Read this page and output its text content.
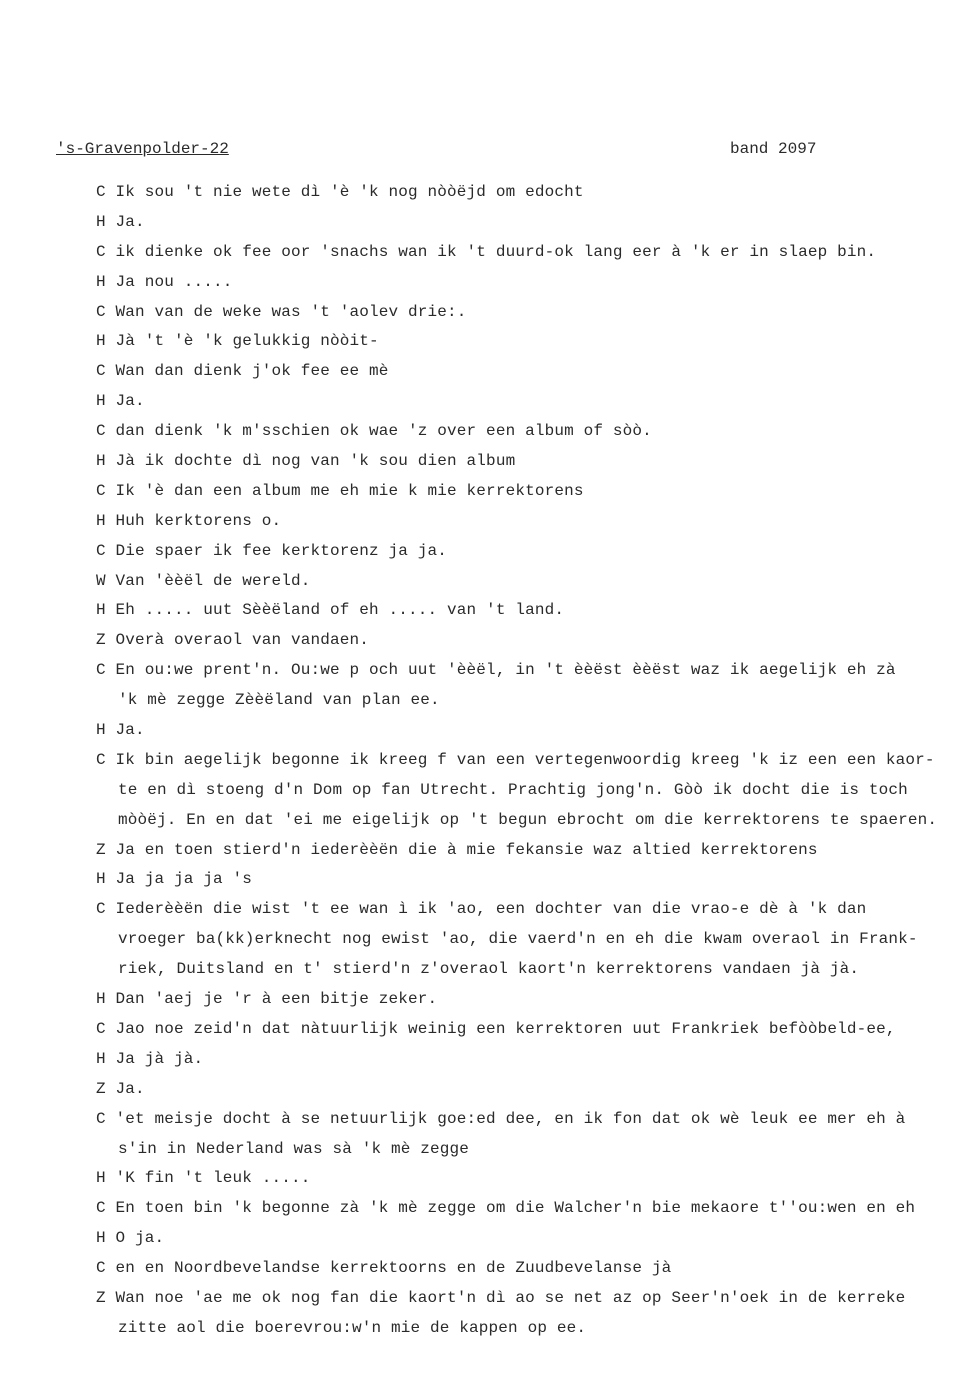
's-Gravenpolder-22	band 2097
C Ik sou 't nie wete dì 'è 'k nog nòòëjd om edocht
H Ja.
C ik dienke ok fee oor 'snachs wan ik 't duurd-ok lang eer à 'k er in slaep bin.
H Ja nou .....
C Wan van de weke was 't 'aolev drie:.
H Jà 't 'è 'k gelukkig nòòit-
C Wan dan dienk j'ok fee ee mè
H Ja.
C dan dienk 'k m'sschien ok wae 'z over een album of sòò.
H Jà ik dochte dì nog van 'k sou dien album
C Ik 'è dan een album me eh mie k mie kerrektorens
H Huh kerktorens o.
C Die spaer ik fee kerktorenz ja ja.
W Van 'èèël de wereld.
H Eh ..... uut Sèèëland of eh ..... van 't land.
Z Overà overaol van vandaen.
C En ou:we prent'n. Ou:we p och uut 'èèël, in 't èèëst èèëst waz ik aegelijk eh zà
'k mè zegge Zèèëland van plan ee.
H Ja.
C Ik bin aegelijk begonne ik kreeg f van een vertegenwoordig kreeg 'k iz een een kaor-
te en dì stoeng d'n Dom op fan Utrecht. Prachtig jong'n. Gòò ik docht die is toch
mòòëj. En en dat 'ei me eigelijk op 't begun ebrocht om die kerrektorens te spaeren.
Z Ja en toen stierd'n iederèèën die à mie fekansie waz altied kerrektorens
H Ja ja ja ja 's
C Iederèèën die wist 't ee wan ì ik 'ao, een dochter van die vrao-e dè à 'k dan
vroeger ba(kk)erknecht nog ewist 'ao, die vaerd'n en eh die kwam overaol in Frank-
riek, Duitsland en t' stierd'n z'overaol kaort'n kerrektorens vandaen jà jà.
H Dan 'aej je 'r à een bitje zeker.
C Jao noe zeid'n dat nàtuurlijk weinig een kerrektoren uut Frankriek befòòbeld-ee,
H Ja jà jà.
Z Ja.
C 'et meisje docht à se netuurlijk goe:ed dee, en ik fon dat ok wè leuk ee mer eh à
s'in in Nederland was sà 'k mè zegge
H 'K fin 't leuk .....
C En toen bin 'k begonne zà 'k mè zegge om die Walcher'n bie mekaore t''ou:wen en eh
H O ja.
C en en Noordbevelandse kerrektoorns en de Zuudbevelanse jà
Z Wan noe 'ae me ok nog fan die kaort'n dì ao se net az op Seer'n'oek in de kerreke
zitte aol die boerevrou:w'n mie de kappen op ee.
